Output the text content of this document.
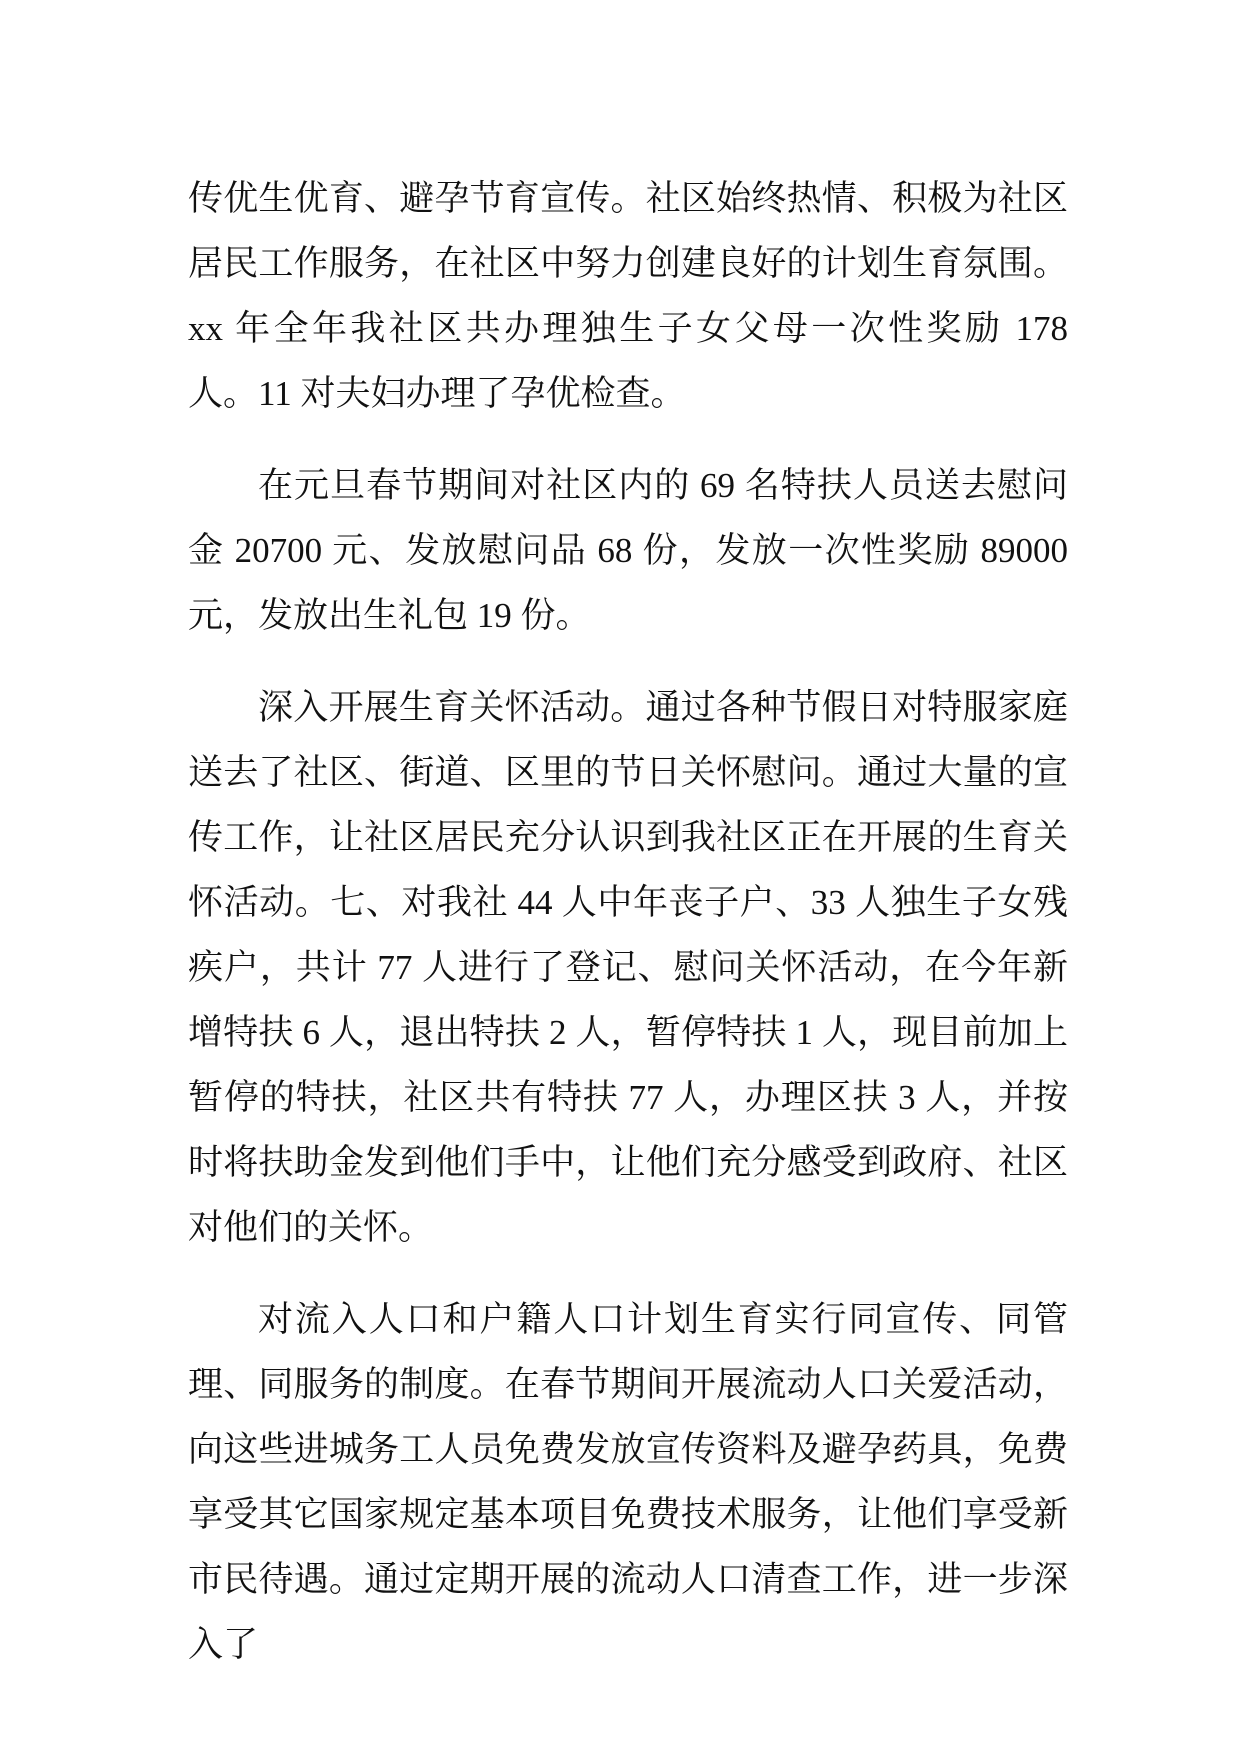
传优生优育、避孕节育宣传。社区始终热情、积极为社区居民工作服务，在社区中努力创建良好的计划生育氛围。xx 年全年我社区共办理独生子女父母一次性奖励 178 人。11 对夫妇办理了孕优检查。

在元旦春节期间对社区内的 69 名特扶人员送去慰问金 20700 元、发放慰问品 68 份，发放一次性奖励 89000 元，发放出生礼包 19 份。

深入开展生育关怀活动。通过各种节假日对特服家庭送去了社区、街道、区里的节日关怀慰问。通过大量的宣传工作，让社区居民充分认识到我社区正在开展的生育关怀活动。七、对我社 44 人中年丧子户、33 人独生子女残疾户，共计 77 人进行了登记、慰问关怀活动，在今年新增特扶 6 人，退出特扶 2 人，暂停特扶 1 人，现目前加上暂停的特扶，社区共有特扶 77 人，办理区扶 3 人，并按时将扶助金发到他们手中，让他们充分感受到政府、社区对他们的关怀。

对流入人口和户籍人口计划生育实行同宣传、同管理、同服务的制度。在春节期间开展流动人口关爱活动，向这些进城务工人员免费发放宣传资料及避孕药具，免费享受其它国家规定基本项目免费技术服务，让他们享受新市民待遇。通过定期开展的流动人口清查工作，进一步深入了
